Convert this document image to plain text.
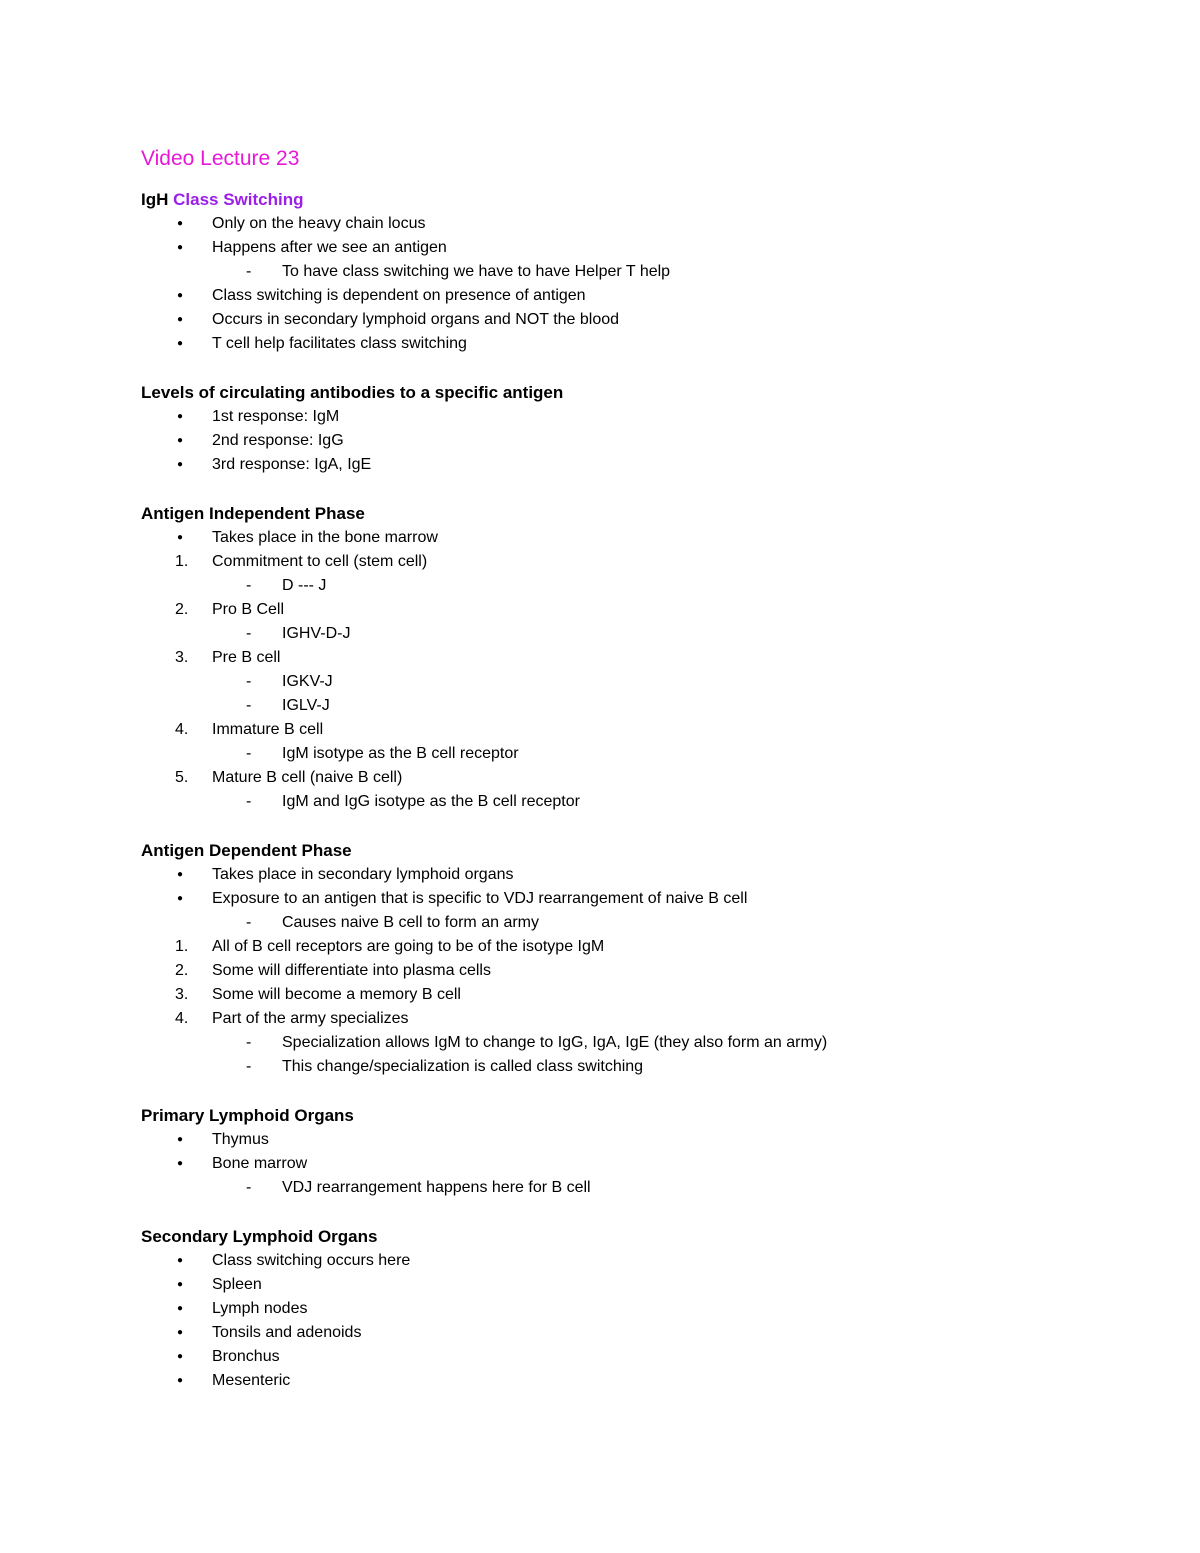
Video Lecture 23
IgH Class Switching
● Only on the heavy chain locus
● Happens after we see an antigen
- To have class switching we have to have Helper T help
● Class switching is dependent on presence of antigen
● Occurs in secondary lymphoid organs and NOT the blood
● T cell help facilitates class switching
Levels of circulating antibodies to a specific antigen
● 1st response: IgM
● 2nd response: IgG
● 3rd response: IgA, IgE
Antigen Independent Phase
● Takes place in the bone marrow
1. Commitment to cell (stem cell)
- D --- J
2. Pro B Cell
- IGHV-D-J
3. Pre B cell
- IGKV-J
- IGLV-J
4. Immature B cell
- IgM isotype as the B cell receptor
5. Mature B cell (naive B cell)
- IgM and IgG isotype as the B cell receptor
Antigen Dependent Phase
● Takes place in secondary lymphoid organs
● Exposure to an antigen that is specific to VDJ rearrangement of naive B cell
- Causes naive B cell to form an army
1. All of B cell receptors are going to be of the isotype IgM
2. Some will differentiate into plasma cells
3. Some will become a memory B cell
4. Part of the army specializes
- Specialization allows IgM to change to IgG, IgA, IgE (they also form an army)
- This change/specialization is called class switching
Primary Lymphoid Organs
● Thymus
● Bone marrow
- VDJ rearrangement happens here for B cell
Secondary Lymphoid Organs
● Class switching occurs here
● Spleen
● Lymph nodes
● Tonsils and adenoids
● Bronchus
● Mesenteric
